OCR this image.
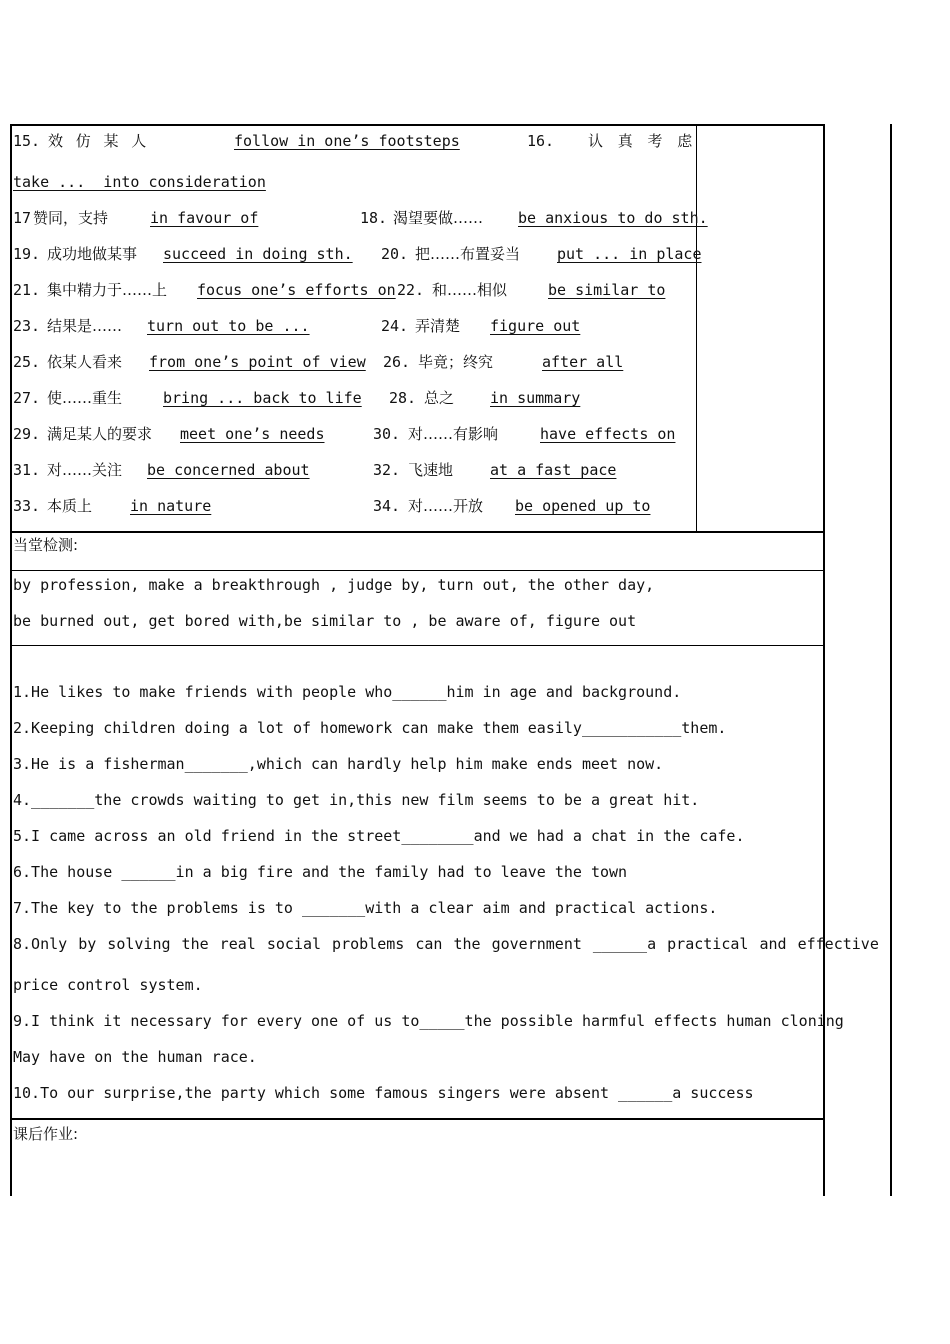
15. 效 仿 某 人	follow in one’s footsteps	16. 认 真 考 虑
take ...  into consideration
17 赞同，支持	in favour of	18. 渴望要做…… be anxious to do sth.
19. 成功地做某事 succeed in doing sth. 20. 把……布置妥当 put ... in place
21. 集中精力于……上 focus one’s efforts on 22. 和……相似	be similar to
23. 结果是…… turn out to be ...	24. 弄清楚 figure out
25. 依某人看来 from one’s point of view 26. 毕竟；终究	after all
27. 使……重生	bring ... back to life 28. 总之 in summary
29. 满足某人的要求 meet one’s needs	30. 对……有影响	have effects on
31. 对……关注 be concerned about	32. 飞速地 at a fast pace
33. 本质上	in nature	34. 对……开放 be opened up to
当堂检测:
by profession, make a breakthrough , judge by, turn out, the other day,
be burned out, get bored with,be similar to , be aware of, figure out
1.He likes to make friends with people who______him in age and background.
2.Keeping children doing a lot of homework can make them easily___________them.
3.He is a fisherman_______,which can hardly help him make ends meet now.
4._______the crowds waiting to get in,this new film seems to be a great hit.
5.I came across an old friend in the street________and we had a chat in the cafe.
6.The house ______in a big fire and the family had to leave the town
7.The key to the problems is to _______with a clear aim and practical actions.
8.Only by solving the real social problems can the government ______a practical and effective
price control system.
9.I think it necessary for every one of us to_____the possible harmful effects human cloning
May have on the human race.
10.To our surprise,the party which some famous singers were absent ______a success
课后作业:
